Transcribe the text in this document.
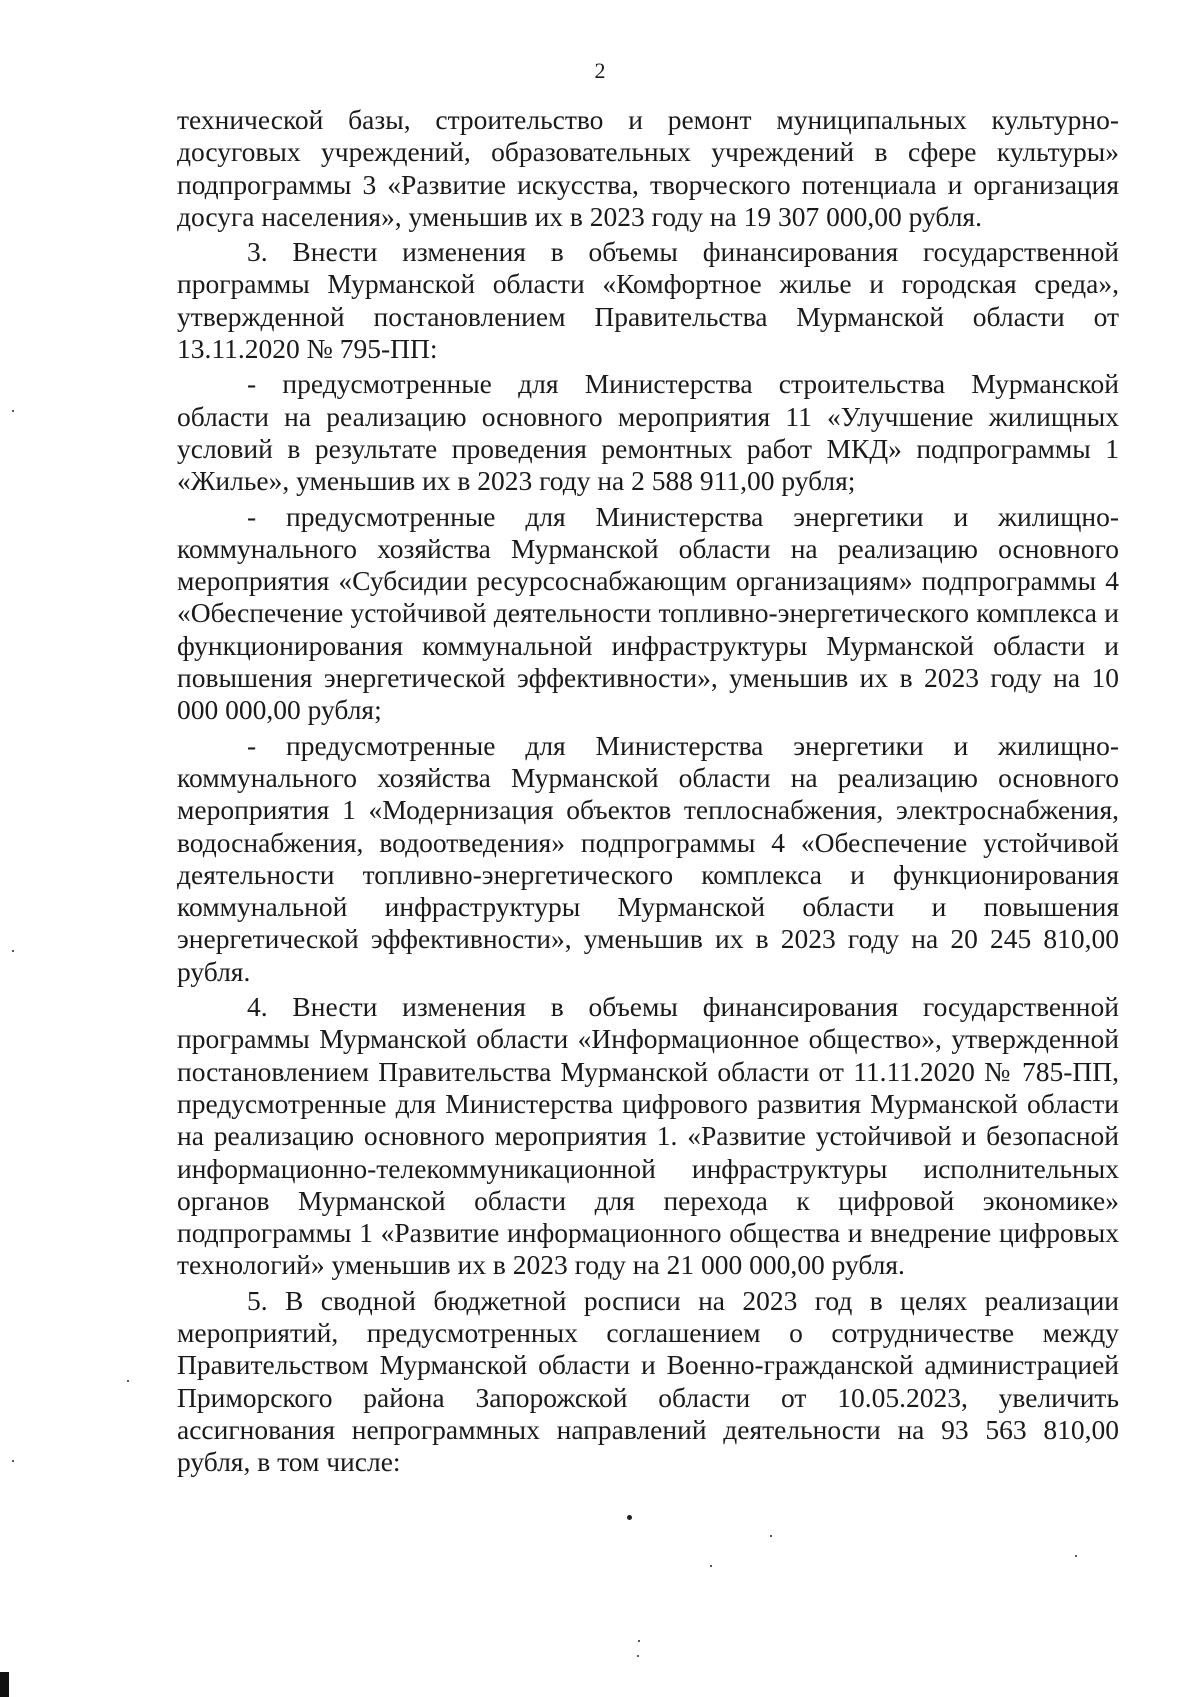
2

технической базы, строительство и ремонт муниципальных культурно-досуговых учреждений, образовательных учреждений в сфере культуры» подпрограммы 3 «Развитие искусства, творческого потенциала и организация досуга населения», уменьшив их в 2023 году на 19 307 000,00 рубля.

3. Внести изменения в объемы финансирования государственной программы Мурманской области «Комфортное жилье и городская среда», утвержденной постановлением Правительства Мурманской области от 13.11.2020 № 795-ПП:

- предусмотренные для Министерства строительства Мурманской области на реализацию основного мероприятия 11 «Улучшение жилищных условий в результате проведения ремонтных работ МКД» подпрограммы 1 «Жилье», уменьшив их в 2023 году на 2 588 911,00 рубля;

- предусмотренные для Министерства энергетики и жилищно-коммунального хозяйства Мурманской области на реализацию основного мероприятия «Субсидии ресурсоснабжающим организациям» подпрограммы 4 «Обеспечение устойчивой деятельности топливно-энергетического комплекса и функционирования коммунальной инфраструктуры Мурманской области и повышения энергетической эффективности», уменьшив их в 2023 году на 10 000 000,00 рубля;

- предусмотренные для Министерства энергетики и жилищно-коммунального хозяйства Мурманской области на реализацию основного мероприятия 1 «Модернизация объектов теплоснабжения, электроснабжения, водоснабжения, водоотведения» подпрограммы 4 «Обеспечение устойчивой деятельности топливно-энергетического комплекса и функционирования коммунальной инфраструктуры Мурманской области и повышения энергетической эффективности», уменьшив их в 2023 году на 20 245 810,00 рубля.

4. Внести изменения в объемы финансирования государственной программы Мурманской области «Информационное общество», утвержденной постановлением Правительства Мурманской области от 11.11.2020 № 785-ПП, предусмотренные для Министерства цифрового развития Мурманской области на реализацию основного мероприятия 1. «Развитие устойчивой и безопасной информационно-телекоммуникационной инфраструктуры исполнительных органов Мурманской области для перехода к цифровой экономике» подпрограммы 1 «Развитие информационного общества и внедрение цифровых технологий» уменьшив их в 2023 году на 21 000 000,00 рубля.

5. В сводной бюджетной росписи на 2023 год в целях реализации мероприятий, предусмотренных соглашением о сотрудничестве между Правительством Мурманской области и Военно-гражданской администрацией Приморского района Запорожской области от 10.05.2023, увеличить ассигнования непрограммных направлений деятельности на 93 563 810,00 рубля, в том числе:
